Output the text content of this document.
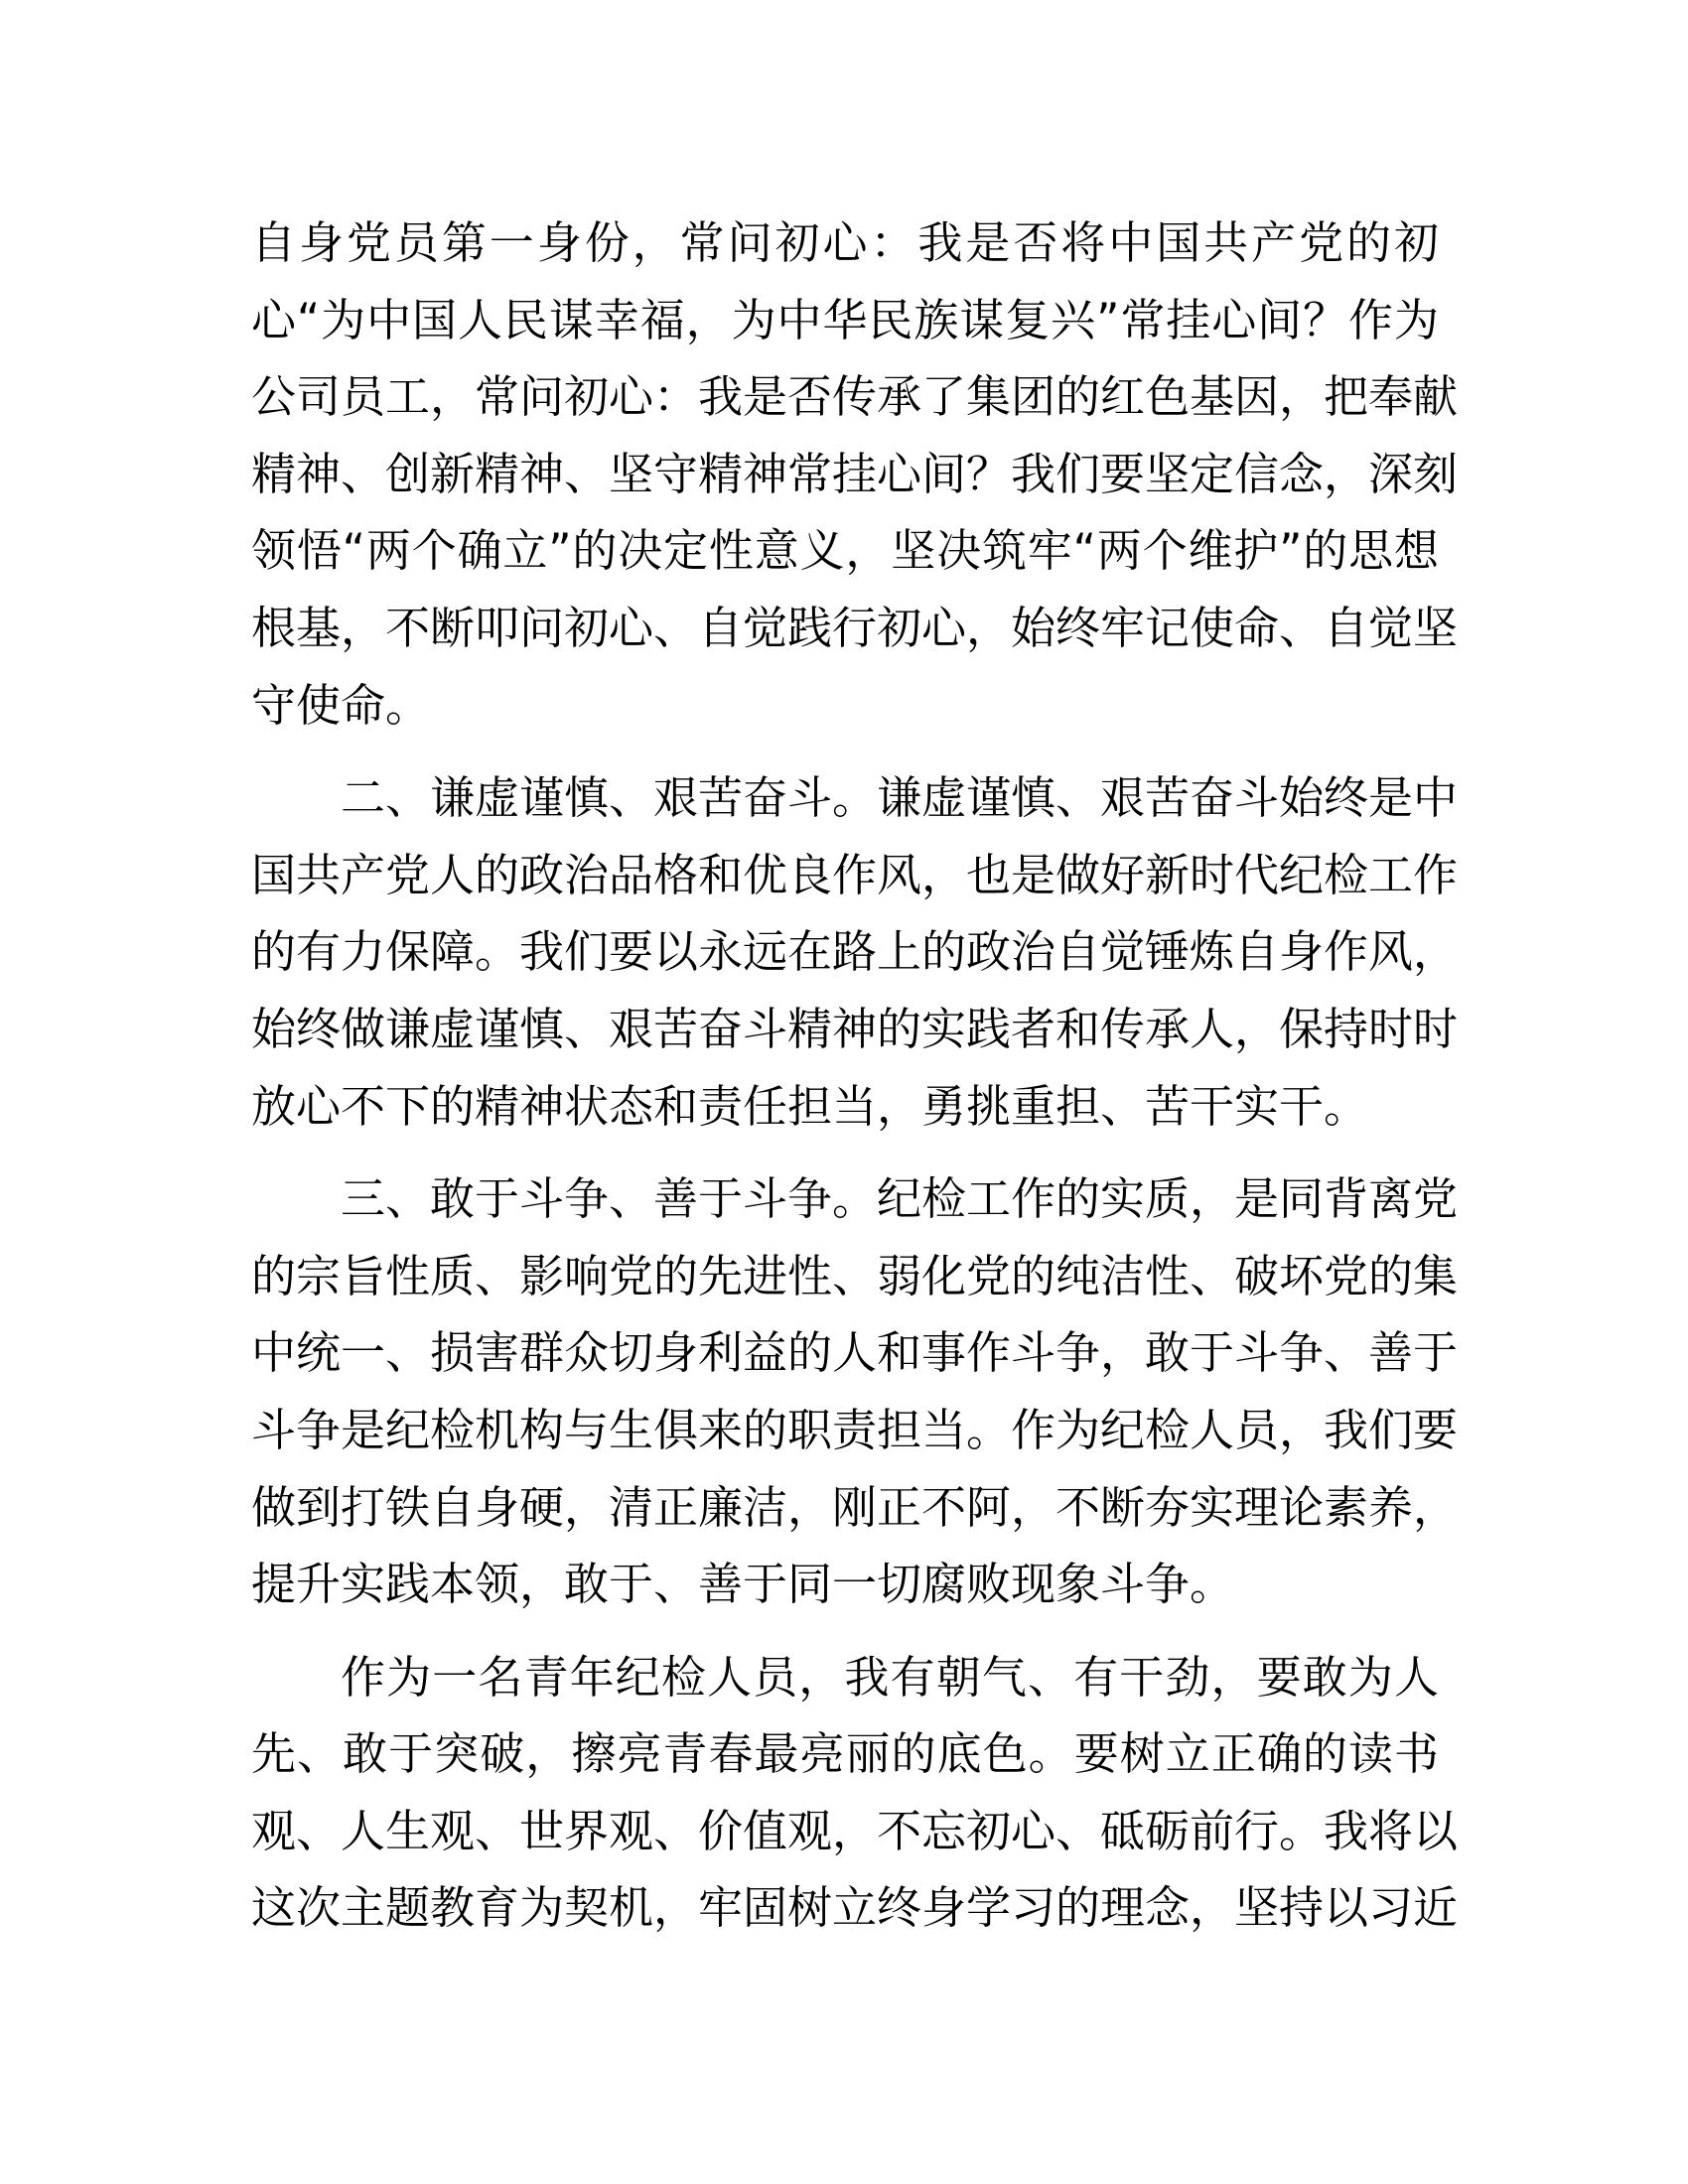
自身党员第一身份，常问初心：我是否将中国共产党的初
心“为中国人民谋幸福，为中华民族谋复兴”常挂心间？作为
公司员工，常问初心：我是否传承了集团的红色基因，把奉献
精神、创新精神、坚守精神常挂心间？我们要坚定信念，深刻
领悟“两个确立”的决定性意义，坚决筑牢“两个维护”的思想
根基，不断叩问初心、自觉践行初心，始终牢记使命、自觉坚
守使命。
二、谦虚谨慎、艰苦奋斗。谦虚谨慎、艰苦奋斗始终是中
国共产党人的政治品格和优良作风，也是做好新时代纪检工作
的有力保障。我们要以永远在路上的政治自觉锤炼自身作风，
始终做谦虚谨慎、艰苦奋斗精神的实践者和传承人，保持时时
放心不下的精神状态和责任担当，勇挑重担、苦干实干。
三、敢于斗争、善于斗争。纪检工作的实质，是同背离党
的宗旨性质、影响党的先进性、弱化党的纯洁性、破坏党的集
中统一、损害群众切身利益的人和事作斗争，敢于斗争、善于
斗争是纪检机构与生俱来的职责担当。作为纪检人员，我们要
做到打铁自身硬，清正廉洁，刚正不阿，不断夯实理论素养，
提升实践本领，敢于、善于同一切腐败现象斗争。
作为一名青年纪检人员，我有朝气、有干劲，要敢为人
先、敢于突破，擦亮青春最亮丽的底色。要树立正确的读书
观、人生观、世界观、价值观，不忘初心、砥砺前行。我将以
这次主题教育为契机，牢固树立终身学习的理念，坚持以习近
